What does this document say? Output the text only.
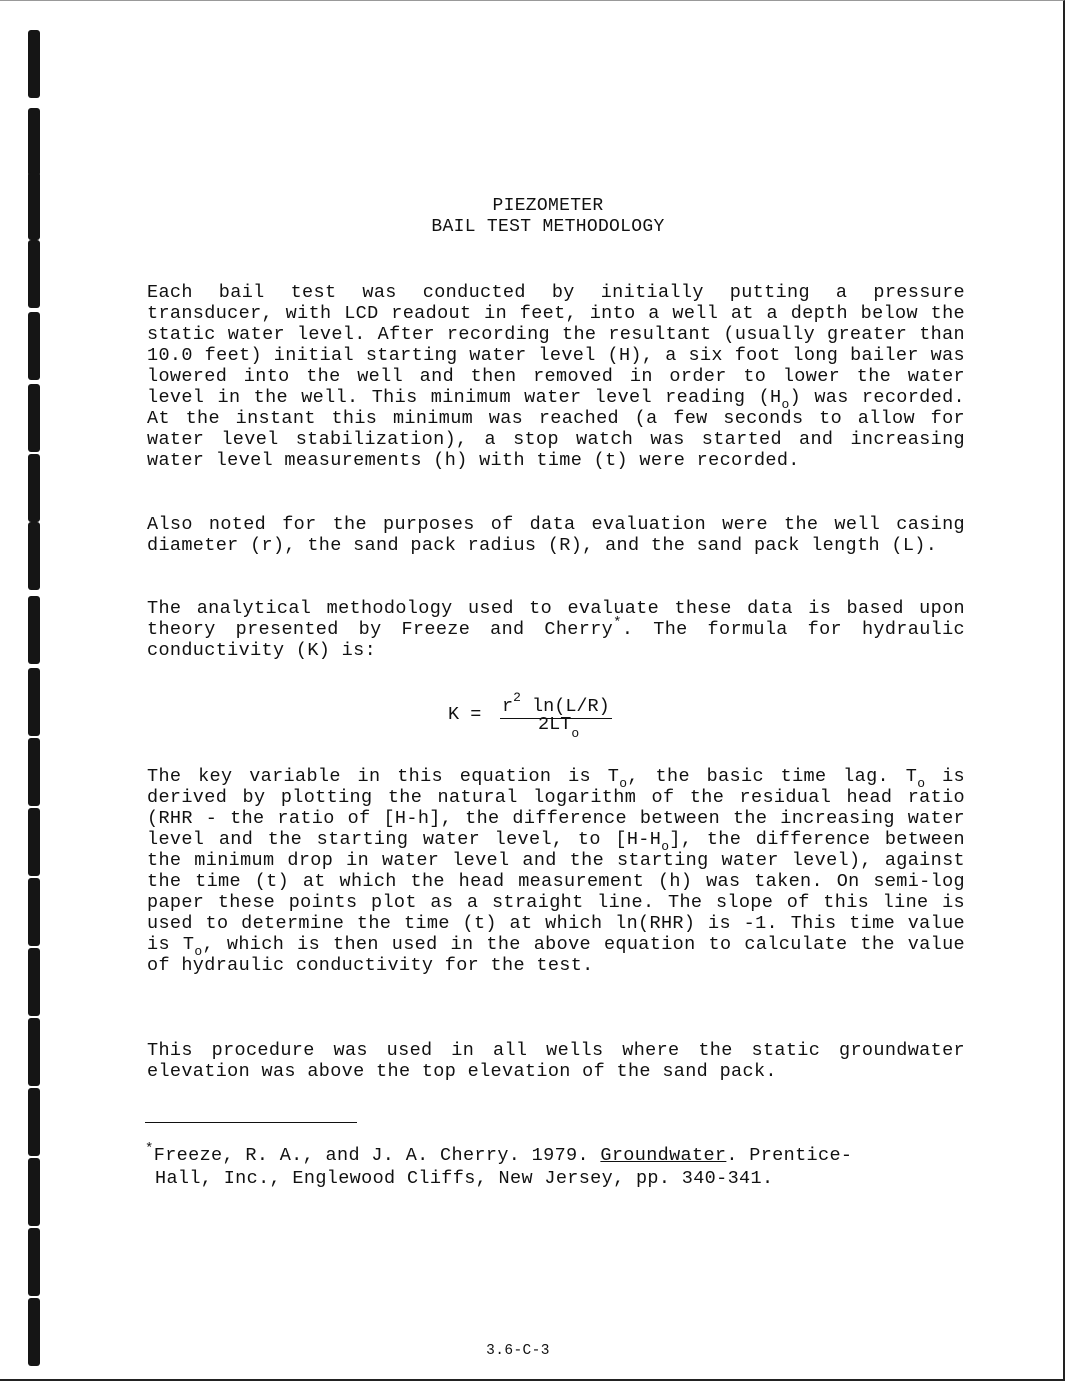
PIEZOMETER
BAIL TEST METHODOLOGY

Each bail test was conducted by initially putting a pressure transducer, with LCD readout in feet, into a well at a depth below the static water level. After recording the resultant (usually greater than 10.0 feet) initial starting water level (H), a six foot long bailer was lowered into the well and then removed in order to lower the water level in the well. This minimum water level reading $(H_o)$ was recorded. At the instant this minimum was reached (a few seconds to allow for water level stabilization), a stop watch was started and increasing water level measurements (h) with time (t) were recorded.

Also noted for the purposes of data evaluation were the well casing diameter (r), the sand pack radius (R), and the sand pack length (L).

The analytical methodology used to evaluate these data is based upon theory presented by Freeze and Cherry*. The formula for hydraulic conductivity (K) is:

$K = r^2$ ln(L/R)
$2LT_o$

The key variable in this equation is $T_o$, the basic time lag. $T_o$ is derived by plotting the natural logarithm of the residual head ratio (RHR - the ratio of [H-h], the difference between the increasing water level and the starting water level, to $[H-H_o]$, the difference between the minimum drop in water level and the starting water level), against the time (t) at which the head measurement (h) was taken. On semi-log paper these points plot as a straight line. The slope of this line is used to determine the time (t) at which ln(RHR) is -1. This time value is $T_o$, which is then used in the above equation to calculate the value of hydraulic conductivity for the test.

This procedure was used in all wells where the static groundwater elevation was above the top elevation of the sand pack.

*Freeze, R. A., and J. A. Cherry. 1979. Groundwater. Prentice-
Hall, Inc., Englewood Cliffs, New Jersey, pp. 340-341.
3.6-C-3
